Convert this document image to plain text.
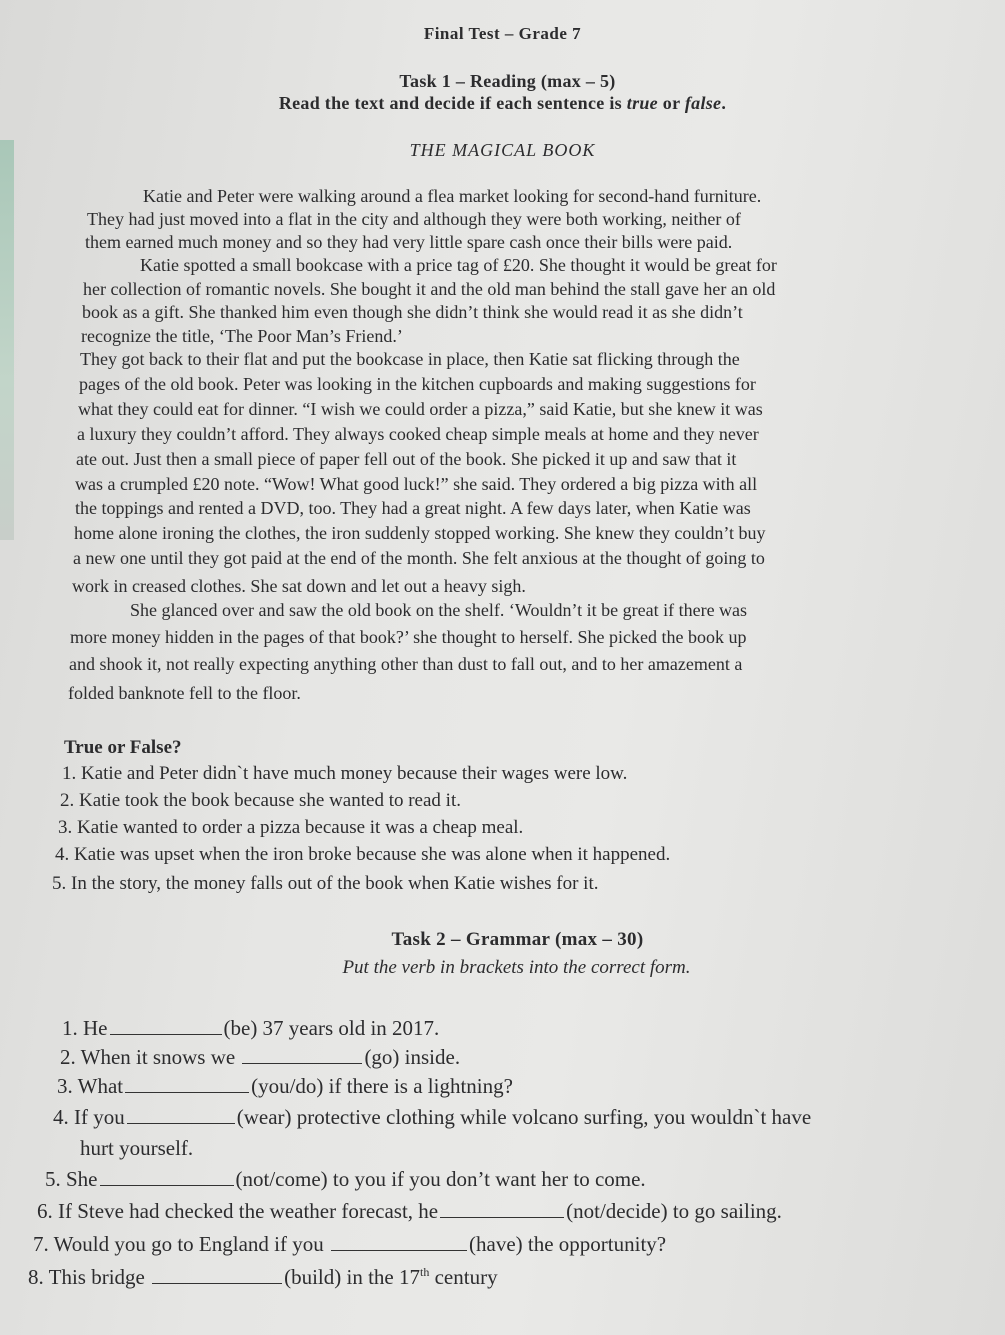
Final Test – Grade 7
Task 1 – Reading (max – 5)
Read the text and decide if each sentence is true or false.
THE MAGICAL BOOK
Katie and Peter were walking around a flea market looking for second-hand furniture.
They had just moved into a flat in the city and although they were both working, neither of
them earned much money and so they had very little spare cash once their bills were paid.
Katie spotted a small bookcase with a price tag of £20. She thought it would be great for
her collection of romantic novels. She bought it and the old man behind the stall gave her an old
book as a gift. She thanked him even though she didn’t think she would read it as she didn’t
recognize the title, ‘The Poor Man’s Friend.’
They got back to their flat and put the bookcase in place, then Katie sat flicking through the
pages of the old book. Peter was looking in the kitchen cupboards and making suggestions for
what they could eat for dinner. “I wish we could order a pizza,” said Katie, but she knew it was
a luxury they couldn’t afford. They always cooked cheap simple meals at home and they never
ate out. Just then a small piece of paper fell out of the book. She picked it up and saw that it
was a crumpled £20 note. “Wow! What good luck!” she said. They ordered a big pizza with all
the toppings and rented a DVD, too. They had a great night. A few days later, when Katie was
home alone ironing the clothes, the iron suddenly stopped working. She knew they couldn’t buy
a new one until they got paid at the end of the month. She felt anxious at the thought of going to
work in creased clothes. She sat down and let out a heavy sigh.
She glanced over and saw the old book on the shelf. ‘Wouldn’t it be great if there was
more money hidden in the pages of that book?’ she thought to herself. She picked the book up
and shook it, not really expecting anything other than dust to fall out, and to her amazement a
folded banknote fell to the floor.
True or False?
1. Katie and Peter didn`t have much money because their wages were low.
2. Katie took the book because she wanted to read it.
3. Katie wanted to order a pizza because it was a cheap meal.
4. Katie was upset when the iron broke because she was alone when it happened.
5. In the story, the money falls out of the book when Katie wishes for it.
Task 2 – Grammar (max – 30)
Put the verb in brackets into the correct form.
1. He	(be) 37 years old in 2017.
2. When it snows we	(go) inside.
3. What	(you/do) if there is a lightning?
4. If you	(wear) protective clothing while volcano surfing, you wouldn`t have
hurt yourself.
5. She	(not/come) to you if you don’t want her to come.
6. If Steve had checked the weather forecast, he	(not/decide) to go sailing.
7. Would you go to England if you	(have) the opportunity?
8. This bridge	(build) in the 17th century
